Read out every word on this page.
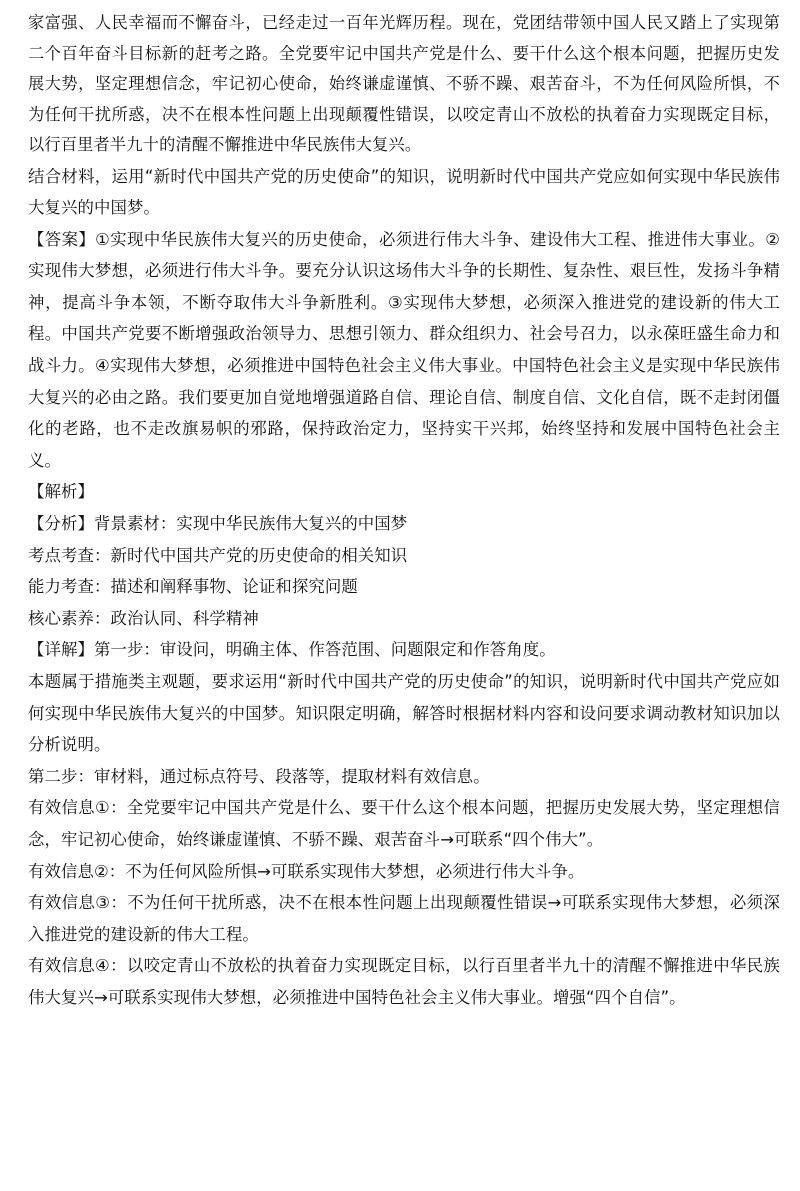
家富强、人民幸福而不懈奋斗，已经走过一百年光辉历程。现在，党团结带领中国人民又踏上了实现第二个百年奋斗目标新的赶考之路。全党要牢记中国共产党是什么、要干什么这个根本问题，把握历史发展大势，坚定理想信念，牢记初心使命，始终谦虚谨慎、不骄不躁、艰苦奋斗，不为任何风险所惧，不为任何干扰所惑，决不在根本性问题上出现颠覆性错误，以咬定青山不放松的执着奋力实现既定目标，以行百里者半九十的清醒不懈推进中华民族伟大复兴。

结合材料，运用“新时代中国共产党的历史使命”的知识，说明新时代中国共产党应如何实现中华民族伟大复兴的中国梦。

【答案】①实现中华民族伟大复兴的历史使命，必须进行伟大斗争、建设伟大工程、推进伟大事业。②实现伟大梦想，必须进行伟大斗争。要充分认识这场伟大斗争的长期性、复杂性、艰巨性，发扬斗争精神，提高斗争本领，不断夺取伟大斗争新胜利。③实现伟大梦想，必须深入推进党的建设新的伟大工程。中国共产党要不断增强政治领导力、思想引领力、群众组织力、社会号召力，以永葆旺盛生命力和战斗力。④实现伟大梦想，必须推进中国特色社会主义伟大事业。中国特色社会主义是实现中华民族伟大复兴的必由之路。我们要更加自觉地增强道路自信、理论自信、制度自信、文化自信，既不走封闭僵化的老路，也不走改旗易帜的邪路，保持政治定力，坚持实干兴邦，始终坚持和发展中国特色社会主义。

【解析】

【分析】背景素材：实现中华民族伟大复兴的中国梦

考点考查：新时代中国共产党的历史使命的相关知识

能力考查：描述和阐释事物、论证和探究问题

核心素养：政治认同、科学精神

【详解】第一步：审设问，明确主体、作答范围、问题限定和作答角度。

本题属于措施类主观题，要求运用“新时代中国共产党的历史使命”的知识，说明新时代中国共产党应如何实现中华民族伟大复兴的中国梦。知识限定明确，解答时根据材料内容和设问要求调动教材知识加以分析说明。

第二步：审材料，通过标点符号、段落等，提取材料有效信息。

有效信息①：全党要牢记中国共产党是什么、要干什么这个根本问题，把握历史发展大势，坚定理想信念，牢记初心使命，始终谦虚谨慎、不骄不躁、艰苦奋斗→可联系“四个伟大”。

有效信息②：不为任何风险所惧→可联系实现伟大梦想，必须进行伟大斗争。

有效信息③：不为任何干扰所惑，决不在根本性问题上出现颠覆性错误→可联系实现伟大梦想，必须深入推进党的建设新的伟大工程。

有效信息④：以咬定青山不放松的执着奋力实现既定目标，以行百里者半九十的清醒不懈推进中华民族伟大复兴→可联系实现伟大梦想，必须推进中国特色社会主义伟大事业。增强“四个自信”。
